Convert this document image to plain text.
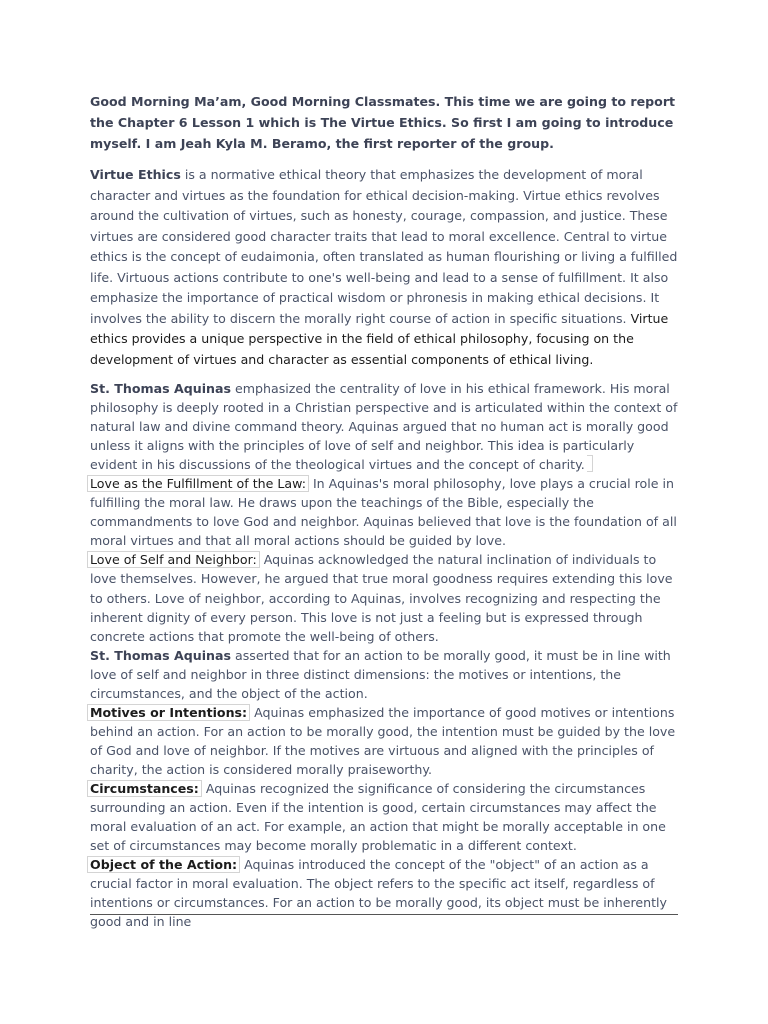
Good Morning Ma’am, Good Morning Classmates. This time we are going to report the Chapter 6 Lesson 1 which is The Virtue Ethics. So first I am going to introduce myself. I am Jeah Kyla M. Beramo, the first reporter of the group.

Virtue Ethics is a normative ethical theory that emphasizes the development of moral character and virtues as the foundation for ethical decision-making. Virtue ethics revolves around the cultivation of virtues, such as honesty, courage, compassion, and justice. These virtues are considered good character traits that lead to moral excellence. Central to virtue ethics is the concept of eudaimonia, often translated as human flourishing or living a fulfilled life. Virtuous actions contribute to one's well-being and lead to a sense of fulfillment. It also emphasize the importance of practical wisdom or phronesis in making ethical decisions. It involves the ability to discern the morally right course of action in specific situations. Virtue ethics provides a unique perspective in the field of ethical philosophy, focusing on the development of virtues and character as essential components of ethical living.

St. Thomas Aquinas emphasized the centrality of love in his ethical framework. His moral philosophy is deeply rooted in a Christian perspective and is articulated within the context of natural law and divine command theory. Aquinas argued that no human act is morally good unless it aligns with the principles of love of self and neighbor. This idea is particularly evident in his discussions of the theological virtues and the concept of charity.

Love as the Fulfillment of the Law: In Aquinas's moral philosophy, love plays a crucial role in fulfilling the moral law. He draws upon the teachings of the Bible, especially the commandments to love God and neighbor. Aquinas believed that love is the foundation of all moral virtues and that all moral actions should be guided by love.

Love of Self and Neighbor: Aquinas acknowledged the natural inclination of individuals to love themselves. However, he argued that true moral goodness requires extending this love to others. Love of neighbor, according to Aquinas, involves recognizing and respecting the inherent dignity of every person. This love is not just a feeling but is expressed through concrete actions that promote the well-being of others.

St. Thomas Aquinas asserted that for an action to be morally good, it must be in line with love of self and neighbor in three distinct dimensions: the motives or intentions, the circumstances, and the object of the action.

Motives or Intentions: Aquinas emphasized the importance of good motives or intentions behind an action. For an action to be morally good, the intention must be guided by the love of God and love of neighbor. If the motives are virtuous and aligned with the principles of charity, the action is considered morally praiseworthy.

Circumstances: Aquinas recognized the significance of considering the circumstances surrounding an action. Even if the intention is good, certain circumstances may affect the moral evaluation of an act. For example, an action that might be morally acceptable in one set of circumstances may become morally problematic in a different context.

Object of the Action: Aquinas introduced the concept of the "object" of an action as a crucial factor in moral evaluation. The object refers to the specific act itself, regardless of intentions or circumstances. For an action to be morally good, its object must be inherently good and in line
